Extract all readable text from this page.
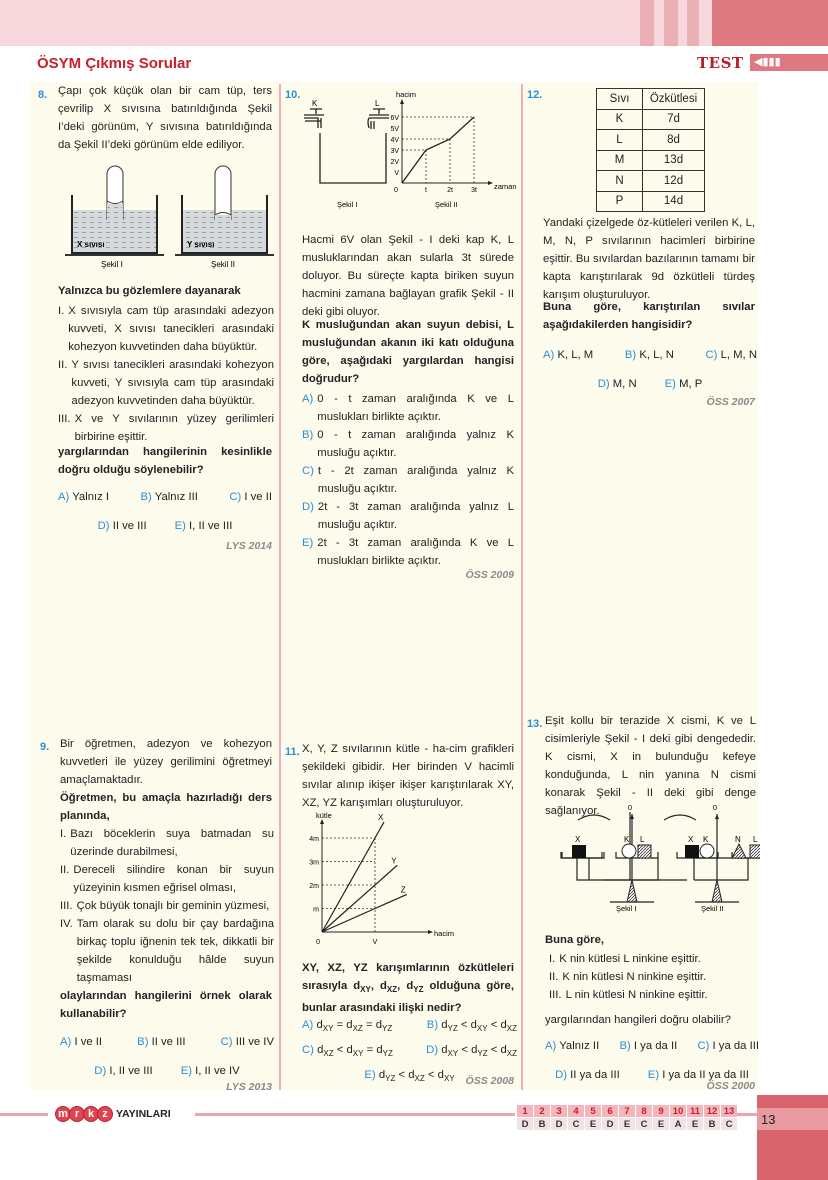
ÖSYM Çıkmış Sorular	TEST ◀▮▮▮
8. Çapı çok küçük olan bir cam tüp, ters çevrilip X sıvısına batırıldığında Şekil I’deki görünüm, Y sıvısına batırıldığında da Şekil II’deki görünüm elde ediliyor.
X sıvısı	Y sıvısı
Şekil I	Şekil II
Yalnızca bu gözlemlere dayanarak
I. X sıvısıyla cam tüp arasındaki adezyon kuvveti, X sıvısı tanecikleri arasındaki kohezyon kuvvetinden daha büyüktür.
II. Y sıvısı tanecikleri arasındaki kohezyon kuvveti, Y sıvısıyla cam tüp arasındaki adezyon kuvvetinden daha büyüktür.
III. X ve Y sıvılarının yüzey gerilimleri birbirine eşittir.
yargılarından hangilerinin kesinlikle doğru olduğu söylenebilir?
A) Yalnız I	B) Yalnız III	C) I ve II
D) II ve III E) I, II ve III
LYS 2014
10.
K	L
Şekil I
V
2V
3V
4V
5V
6V
0	t	2t	3t
hacim
zaman
Şekil II
Hacmi 6V olan Şekil - I deki kap K, L musluklarından akan sularla 3t sürede doluyor. Bu süreçte kapta biriken suyun hacmini zamana bağlayan grafik Şekil - II deki gibi oluyor.
K musluğundan akan suyun debisi, L musluğundan akanın iki katı olduğuna göre, aşağıdaki yargılardan hangisi doğrudur?
A) 0 - t zaman aralığında K ve L muslukları birlikte açıktır.
B) 0 - t zaman aralığında yalnız K musluğu açıktır.
C) t - 2t zaman aralığında yalnız K musluğu açıktır.
D) 2t - 3t zaman aralığında yalnız L musluğu açıktır.
E) 2t - 3t zaman aralığında K ve L muslukları birlikte açıktır.
ÖSS 2009
12.	Sıvı	Özkütlesi
K	7d
L	8d
M	13d
N	12d
P	14d
Yandaki çizelgede öz-kütleleri verilen K, L, M, N, P sıvılarının hacimleri birbirine eşittir. Bu sıvılardan bazılarının tamamı bir kapta karıştırılarak 9d özkütleli türdeş karışım oluşturuluyor.
Buna göre, karıştırılan sıvılar aşağıdakilerden hangisidir?
A) K, L, M	B) K, L, N	C) L, M, N
D) M, N E) M, P
ÖSS 2007
9. Bir öğretmen, adezyon ve kohezyon kuvvetleri ile yüzey gerilimini öğretmeyi amaçlamaktadır.
Öğretmen, bu amaçla hazırladığı ders planında,
I. Bazı böceklerin suya batmadan su üzerinde durabilmesi,
II. Dereceli silindire konan bir suyun yüzeyinin kısmen eğrisel olması,
III. Çok büyük tonajlı bir geminin yüzmesi,
IV. Tam olarak su dolu bir çay bardağına birkaç toplu iğnenin tek tek, dikkatli bir şekilde konulduğu hâlde suyun taşmaması
olaylarından hangilerini örnek olarak kullanabilir?
A) I ve II	B) II ve III	C) III ve IV
D) I, II ve III E) I, II ve IV
LYS 2013
11. X, Y, Z sıvılarının kütle - ha-cim grafikleri şekildeki gibidir. Her birinden V hacimli sıvılar alınıp ikişer ikişer karıştırılarak XY, XZ, YZ karışımları oluşturuluyor.
m
2m
3m
4m
0	V
X
Y
Z
kütle
hacim
XY, XZ, YZ karışımlarının özkütleleri sırasıyla $d_{XY}$, $d_{XZ}$, $d_{YZ}$ olduğuna göre, bunlar arasındaki ilişki nedir?
A) $d_{XY} = d_{XZ} = d_{YZ}$	B) $d_{YZ} < d_{XY} < d_{XZ}$
C) $d_{XZ} < d_{XY} = d_{YZ}$	D) $d_{XY} < d_{YZ} < d_{XZ}$
E) $d_{YZ} < d_{XZ} < d_{XY}$	ÖSS 2008
13. Eşit kollu bir terazide X cismi, K ve L cisimleriyle Şekil - I deki gibi dengededir. K cismi, X in bulunduğu kefeye konduğunda, L nin yanına N cismi konarak Şekil - II deki gibi denge sağlanıyor.	0	0
X	K L	X K	N L
Şekil I	Şekil II
Buna göre,
I. K nin kütlesi L ninkine eşittir.
II. K nin kütlesi N ninkine eşittir.
III. L nin kütlesi N ninkine eşittir.
yargılarından hangileri doğru olabilir?
A) Yalnız II B) I ya da II C) I ya da III
D) II ya da III E) I ya da II ya da III
ÖSS 2000
m r k z YAYINLARI	1	2	3	4	5	6	7	8	9	10	11	12	13
D	B	D	C	E	D	E	C	E	A	E	B	C 13
